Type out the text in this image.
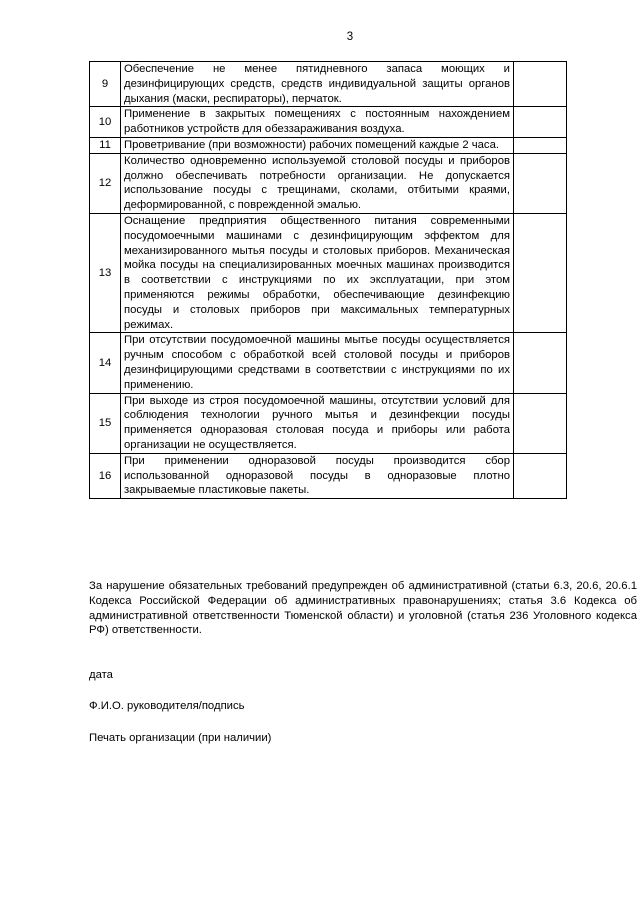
3
9	Обеспечение не менее пятидневного запаса моющих и дезинфицирующих средств, средств индивидуальной защиты органов дыхания (маски, респираторы), перчаток.	
10	Применение в закрытых помещениях с постоянным нахождением работников устройств для обеззараживания воздуха.	
11	Проветривание (при возможности) рабочих помещений каждые 2 часа.	
12	Количество одновременно используемой столовой посуды и приборов должно обеспечивать потребности организации. Не допускается использование посуды с трещинами, сколами, отбитыми краями, деформированной, с поврежденной эмалью.	
13	Оснащение предприятия общественного питания современными посудомоечными машинами с дезинфицирующим эффектом для механизированного мытья посуды и столовых приборов. Механическая мойка посуды на специализированных моечных машинах производится в соответствии с инструкциями по их эксплуатации, при этом применяются режимы обработки, обеспечивающие дезинфекцию посуды и столовых приборов при максимальных температурных режимах.	
14	При отсутствии посудомоечной машины мытье посуды осуществляется ручным способом с обработкой всей столовой посуды и приборов дезинфицирующими средствами в соответствии с инструкциями по их применению.	
15	При выходе из строя посудомоечной машины, отсутствии условий для соблюдения технологии ручного мытья и дезинфекции посуды применяется одноразовая столовая посуда и приборы или работа организации не осуществляется.	
16	При применении одноразовой посуды производится сбор использованной одноразовой посуды в одноразовые плотно закрываемые пластиковые пакеты.	
За нарушение обязательных требований предупрежден об административной (статьи 6.3, 20.6, 20.6.1 Кодекса Российской Федерации об административных правонарушениях; статья 3.6 Кодекса об административной ответственности Тюменской области) и уголовной (статья 236 Уголовного кодекса РФ) ответственности.
дата
Ф.И.О. руководителя/подпись
Печать организации (при наличии)
